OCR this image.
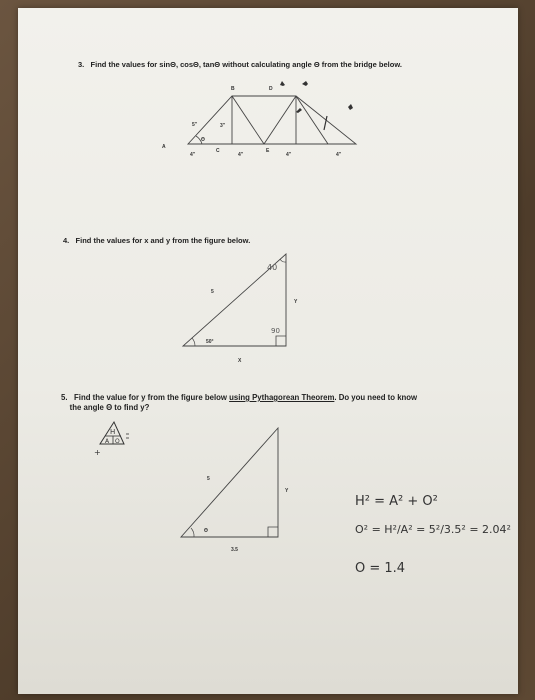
3. Find the values for sinΘ, cosΘ, tanΘ without calculating angle Θ from the bridge below.
B	D
A
5"	3"
Θ
C	E
4"	4"	4"	4"
40
5
Y
90
50°
X
H
A O
+
5
Y
Θ
3.5
H² = A² + O²
O² = H²/A² = 5²/3.5² = 2.04²
O = 1.4
4. Find the values for x and y from the figure below.
5. Find the value for y from the figure below using Pythagorean Theorem. Do you need to know
the angle Θ to find y?
